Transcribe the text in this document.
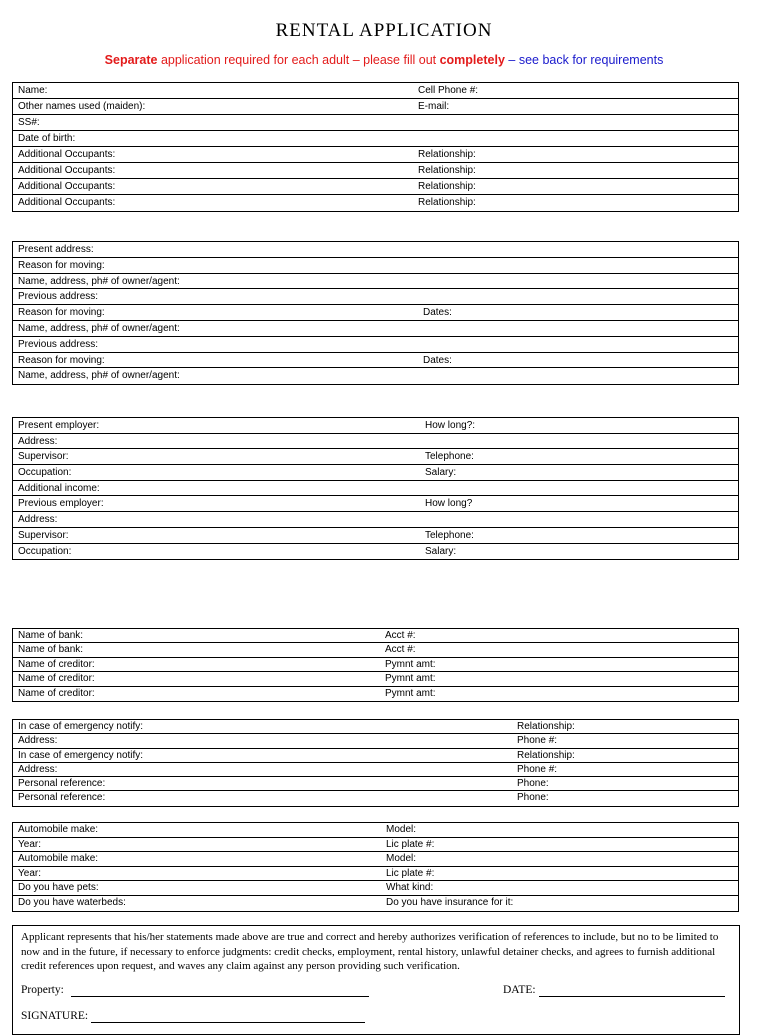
RENTAL APPLICATION
Separate application required for each adult – please fill out completely – see back for requirements
Name:	Cell Phone #:
Other names used (maiden):	E-mail:
SS#:
Date of birth:
Additional Occupants:	Relationship:
Additional Occupants:	Relationship:
Additional Occupants:	Relationship:
Additional Occupants:	Relationship:
Present address:
Reason for moving:
Name, address, ph# of owner/agent:
Previous address:
Reason for moving:	Dates:
Name, address, ph# of owner/agent:
Previous address:
Reason for moving:	Dates:
Name, address, ph# of owner/agent:
Present employer:	How long?:
Address:
Supervisor:	Telephone:
Occupation:	Salary:
Additional income:
Previous employer:	How long?
Address:
Supervisor:	Telephone:
Occupation:	Salary:
Name of bank:	Acct #:
Name of bank:	Acct #:
Name of creditor:	Pymnt amt:
Name of creditor:	Pymnt amt:
Name of creditor:	Pymnt amt:
In case of emergency notify:	Relationship:
Address:	Phone #:
In case of emergency notify:	Relationship:
Address:	Phone #:
Personal reference:	Phone:
Personal reference:	Phone:
Automobile make:	Model:
Year:	Lic plate #:
Automobile make:	Model:
Year:	Lic plate #:
Do you have pets:	What kind:
Do you have waterbeds:	Do you have insurance for it:
Applicant represents that his/her statements made above are true and correct and hereby authorizes verification of references to include, but no to be limited to now and in the future, if necessary to enforce judgments: credit checks, employment, rental history, unlawful detainer checks, and agrees to furnish additional credit references upon request, and waves any claim against any person providing such verification.
Property:	DATE:
SIGNATURE:
